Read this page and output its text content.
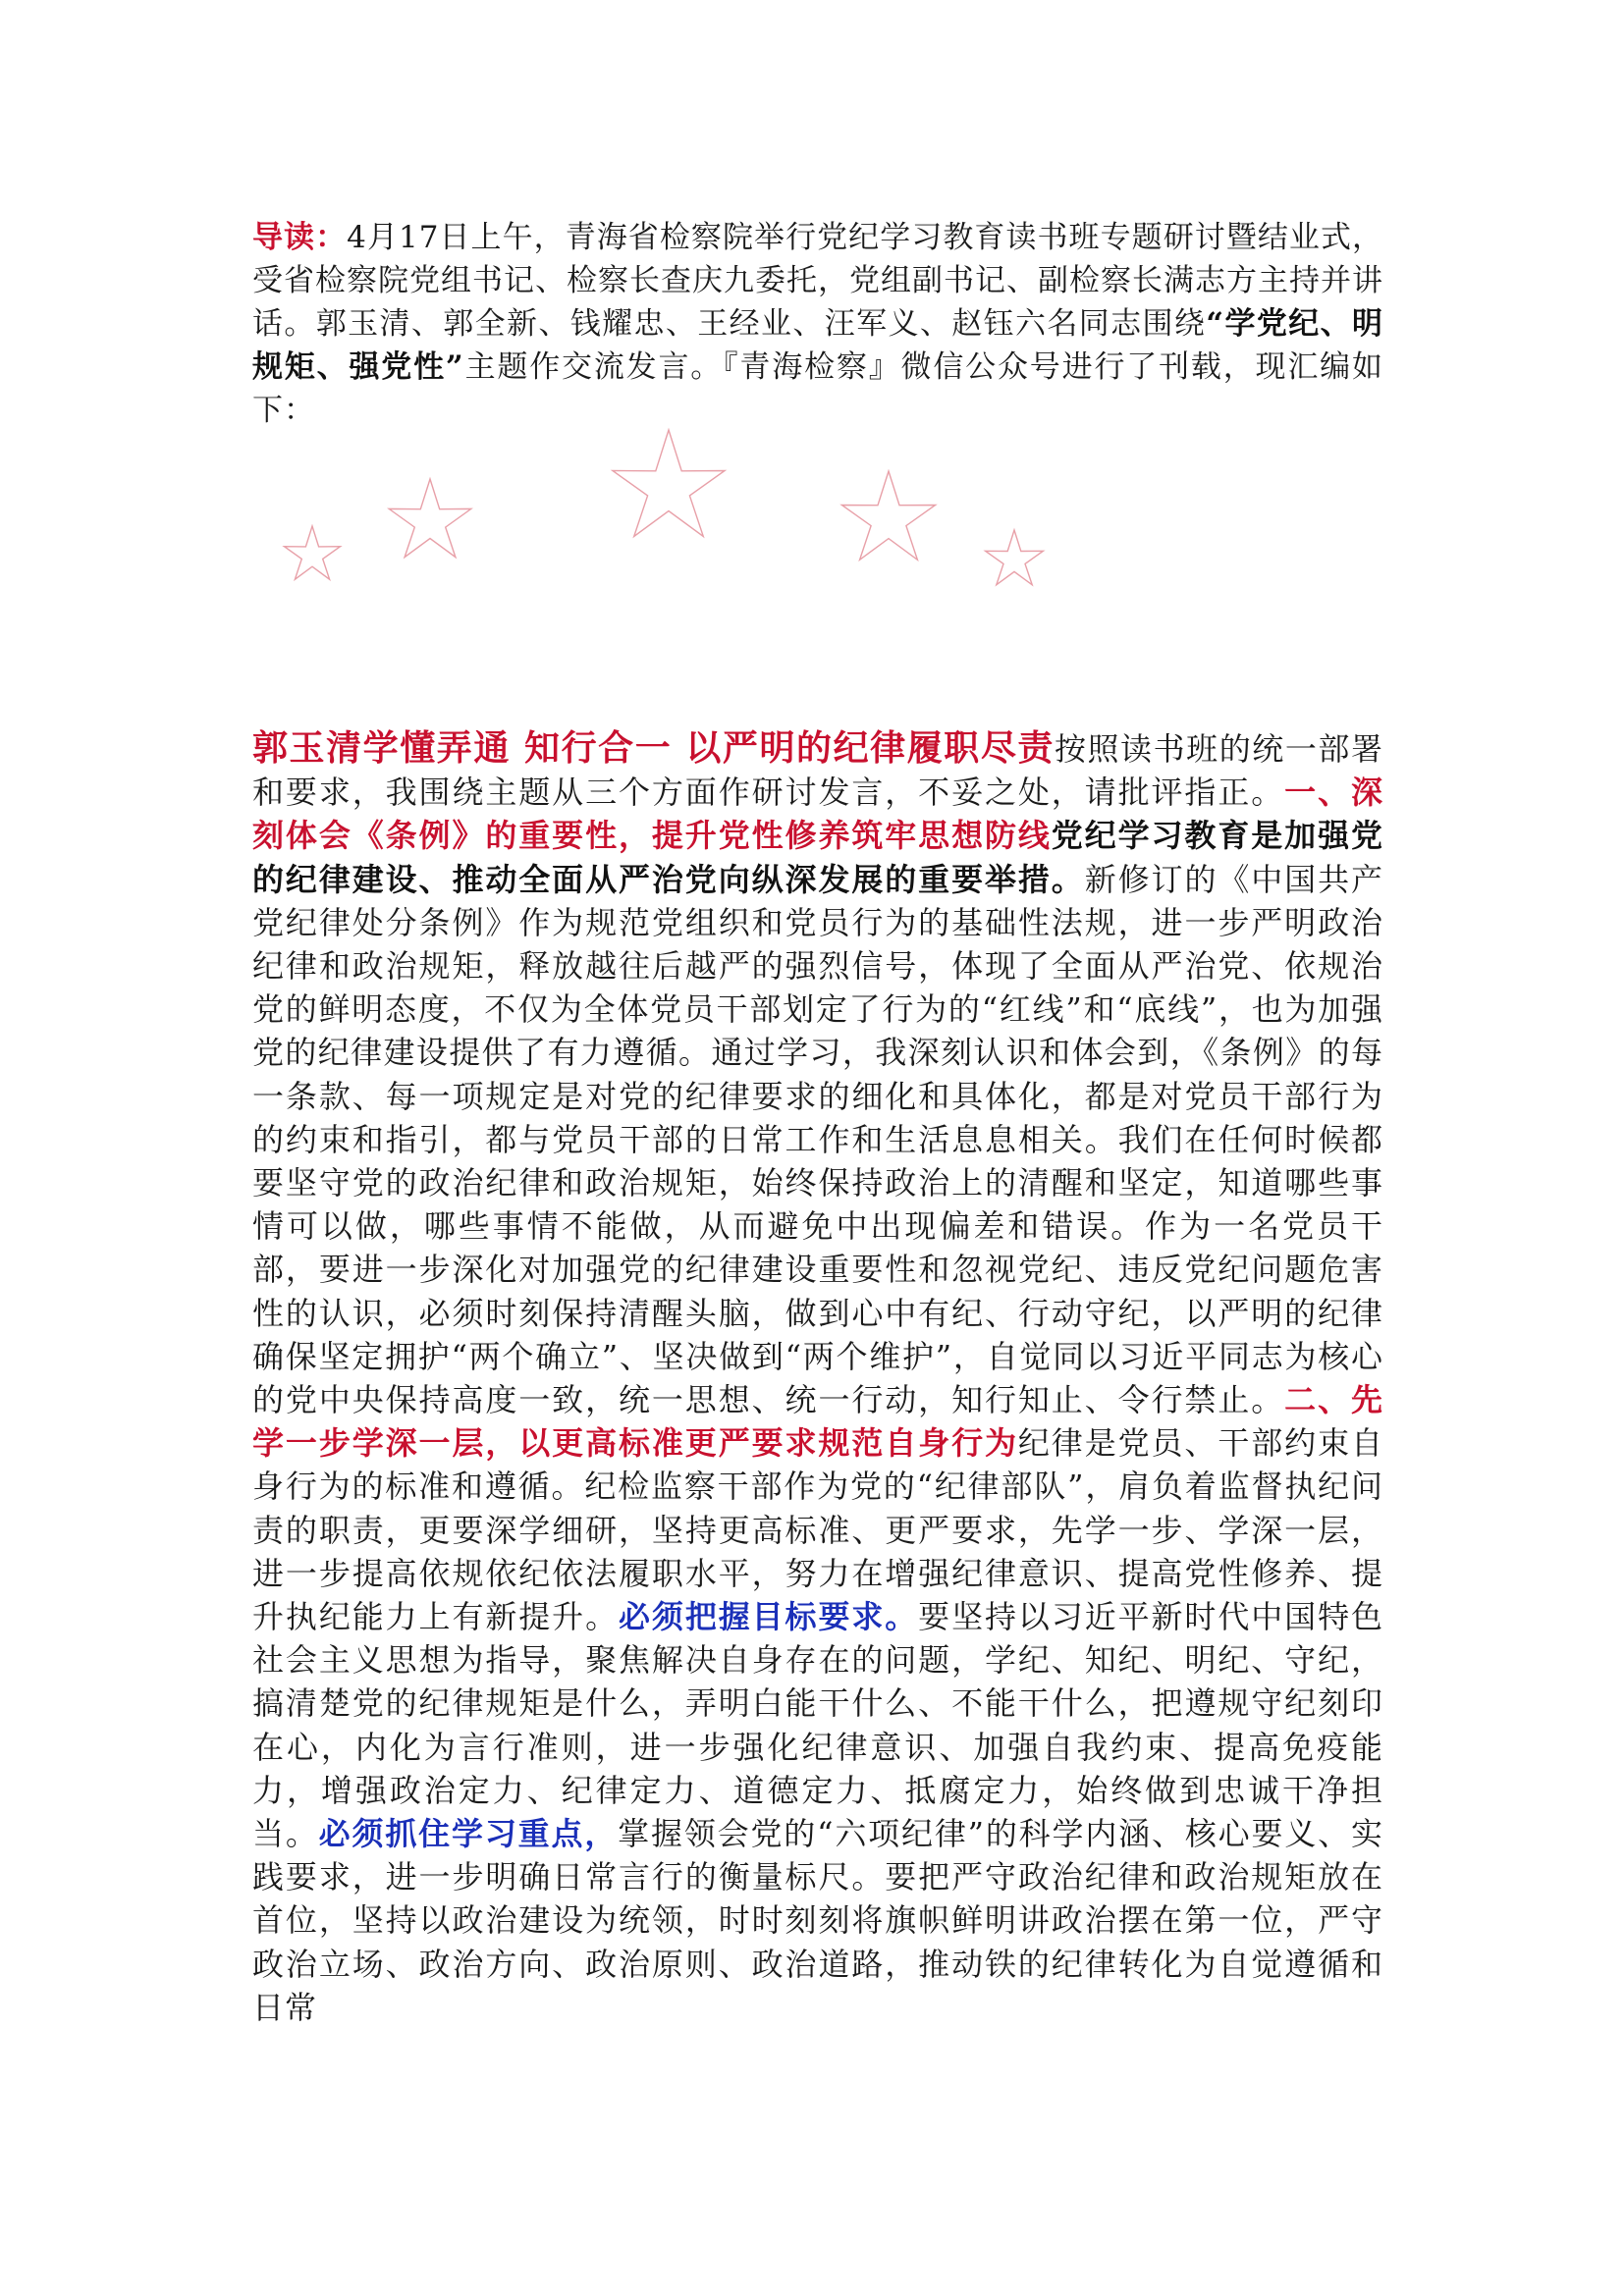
导读：4月17日上午，青海省检察院举行党纪学习教育读书班专题研讨暨结业式，受省检察院党组书记、检察长查庆九委托，党组副书记、副检察长满志方主持并讲话。郭玉清、郭全新、钱耀忠、王经业、汪军义、赵钰六名同志围绕“学党纪、明规矩、强党性”主题作交流发言。『青海检察』微信公众号进行了刊载，现汇编如下：

郭玉清学懂弄通 知行合一 以严明的纪律履职尽责按照读书班的统一部署和要求，我围绕主题从三个方面作研讨发言，不妥之处，请批评指正。一、深刻体会《条例》的重要性，提升党性修养筑牢思想防线党纪学习教育是加强党的纪律建设、推动全面从严治党向纵深发展的重要举措。新修订的《中国共产党纪律处分条例》作为规范党组织和党员行为的基础性法规，进一步严明政治纪律和政治规矩，释放越往后越严的强烈信号，体现了全面从严治党、依规治党的鲜明态度，不仅为全体党员干部划定了行为的“红线”和“底线”，也为加强党的纪律建设提供了有力遵循。通过学习，我深刻认识和体会到，《条例》的每一条款、每一项规定是对党的纪律要求的细化和具体化，都是对党员干部行为的约束和指引，都与党员干部的日常工作和生活息息相关。我们在任何时候都要坚守党的政治纪律和政治规矩，始终保持政治上的清醒和坚定，知道哪些事情可以做，哪些事情不能做，从而避免中出现偏差和错误。作为一名党员干部，要进一步深化对加强党的纪律建设重要性和忽视党纪、违反党纪问题危害性的认识，必须时刻保持清醒头脑，做到心中有纪、行动守纪，以严明的纪律确保坚定拥护“两个确立”、坚决做到“两个维护”，自觉同以习近平同志为核心的党中央保持高度一致，统一思想、统一行动，知行知止、令行禁止。二、先学一步学深一层，以更高标准更严要求规范自身行为纪律是党员、干部约束自身行为的标准和遵循。纪检监察干部作为党的“纪律部队”，肩负着监督执纪问责的职责，更要深学细研，坚持更高标准、更严要求，先学一步、学深一层，进一步提高依规依纪依法履职水平，努力在增强纪律意识、提高党性修养、提升执纪能力上有新提升。必须把握目标要求。要坚持以习近平新时代中国特色社会主义思想为指导，聚焦解决自身存在的问题，学纪、知纪、明纪、守纪，搞清楚党的纪律规矩是什么，弄明白能干什么、不能干什么，把遵规守纪刻印在心，内化为言行准则，进一步强化纪律意识、加强自我约束、提高免疫能力，增强政治定力、纪律定力、道德定力、抵腐定力，始终做到忠诚干净担当。必须抓住学习重点，掌握领会党的“六项纪律”的科学内涵、核心要义、实践要求，进一步明确日常言行的衡量标尺。要把严守政治纪律和政治规矩放在首位，坚持以政治建设为统领，时时刻刻将旗帜鲜明讲政治摆在第一位，严守政治立场、政治方向、政治原则、政治道路，推动铁的纪律转化为自觉遵循和日常
